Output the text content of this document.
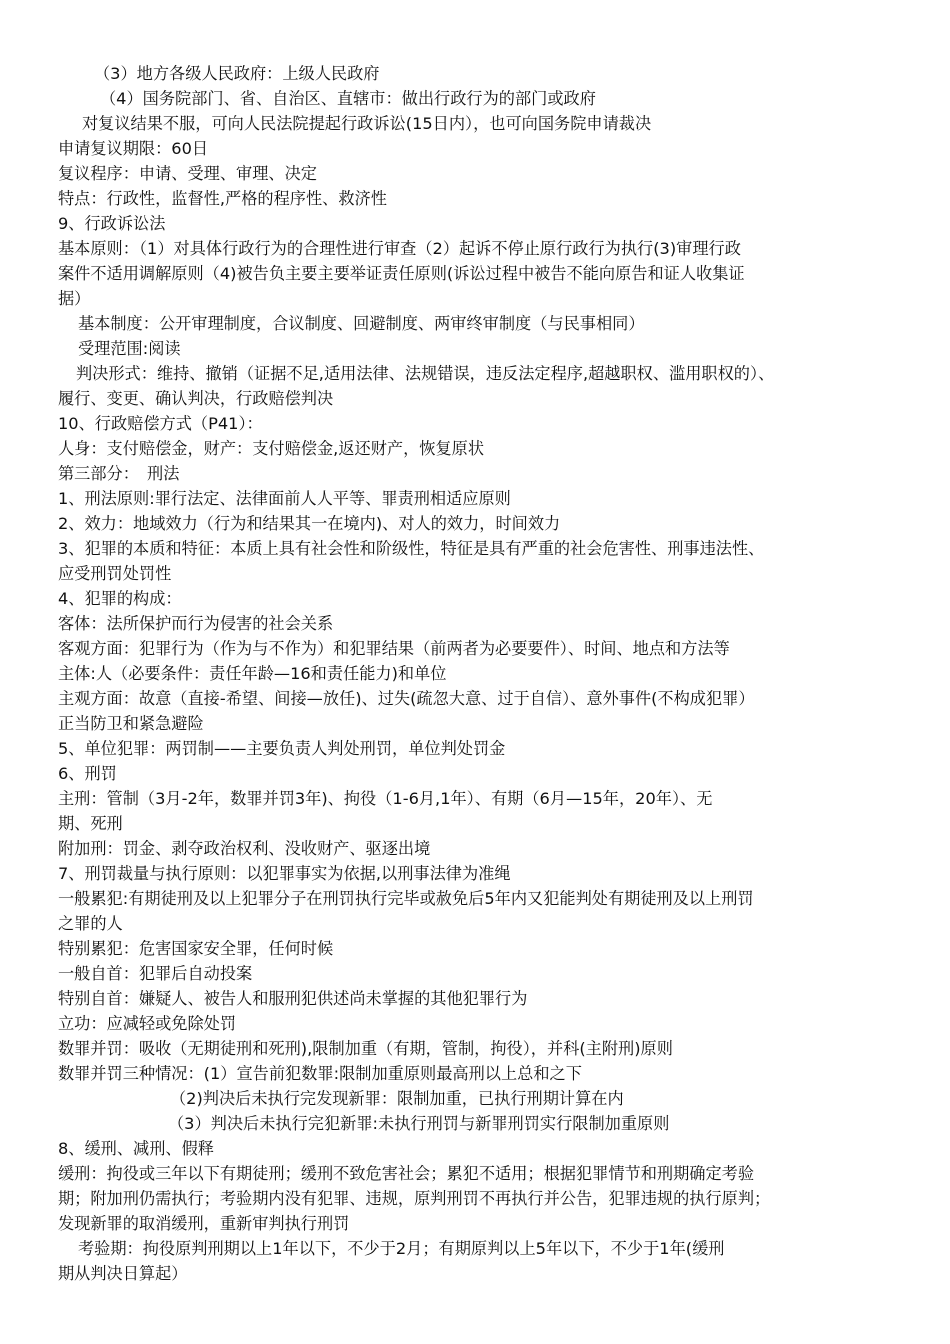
（3）地方各级人民政府：上级人民政府
（4）国务院部门、省、自治区、直辖市：做出行政行为的部门或政府
对复议结果不服，可向人民法院提起行政诉讼(15日内），也可向国务院申请裁决
申请复议期限：60日
复议程序：申请、受理、审理、决定
特点：行政性，监督性,严格的程序性、救济性
9、行政诉讼法
基本原则：（1）对具体行政行为的合理性进行审查（2）起诉不停止原行政行为执行(3)审理行政
案件不适用调解原则（4)被告负主要主要举证责任原则(诉讼过程中被告不能向原告和证人收集证
据）
基本制度：公开审理制度，合议制度、回避制度、两审终审制度（与民事相同）
受理范围:阅读
判决形式：维持、撤销（证据不足,适用法律、法规错误，违反法定程序,超越职权、滥用职权的）、
履行、变更、确认判决，行政赔偿判决
10、行政赔偿方式（P41）：
人身：支付赔偿金，财产：支付赔偿金,返还财产，恢复原状
第三部分：　刑法
1、刑法原则:罪行法定、法律面前人人平等、罪责刑相适应原则
2、效力：地域效力（行为和结果其一在境内)、对人的效力，时间效力
3、犯罪的本质和特征：本质上具有社会性和阶级性，特征是具有严重的社会危害性、刑事违法性、
应受刑罚处罚性
4、犯罪的构成：
客体：法所保护而行为侵害的社会关系
客观方面：犯罪行为（作为与不作为）和犯罪结果（前两者为必要要件）、时间、地点和方法等
主体:人（必要条件：责任年龄—16和责任能力)和单位
主观方面：故意（直接-希望、间接—放任)、过失(疏忽大意、过于自信）、意外事件(不构成犯罪）
正当防卫和紧急避险
5、单位犯罪：两罚制——主要负责人判处刑罚，单位判处罚金
6、刑罚
主刑：管制（3月-2年，数罪并罚3年)、拘役（1-6月,1年）、有期（6月—15年，20年）、无
期、死刑
附加刑：罚金、剥夺政治权利、没收财产、驱逐出境
7、刑罚裁量与执行原则：以犯罪事实为依据,以刑事法律为准绳
一般累犯:有期徒刑及以上犯罪分子在刑罚执行完毕或赦免后5年内又犯能判处有期徒刑及以上刑罚
之罪的人
特别累犯：危害国家安全罪，任何时候
一般自首：犯罪后自动投案
特别自首：嫌疑人、被告人和服刑犯供述尚未掌握的其他犯罪行为
立功：应减轻或免除处罚
数罪并罚：吸收（无期徒刑和死刑),限制加重（有期，管制，拘役），并科(主附刑)原则
数罪并罚三种情况：(1）宣告前犯数罪:限制加重原则最高刑以上总和之下
（2)判决后未执行完发现新罪：限制加重，已执行刑期计算在内
（3）判决后未执行完犯新罪:未执行刑罚与新罪刑罚实行限制加重原则
8、缓刑、减刑、假释
缓刑：拘役或三年以下有期徒刑；缓刑不致危害社会；累犯不适用；根据犯罪情节和刑期确定考验
期；附加刑仍需执行；考验期内没有犯罪、违规，原判刑罚不再执行并公告，犯罪违规的执行原判；
发现新罪的取消缓刑，重新审判执行刑罚
考验期：拘役原判刑期以上1年以下，不少于2月；有期原判以上5年以下，不少于1年(缓刑
期从判决日算起）
